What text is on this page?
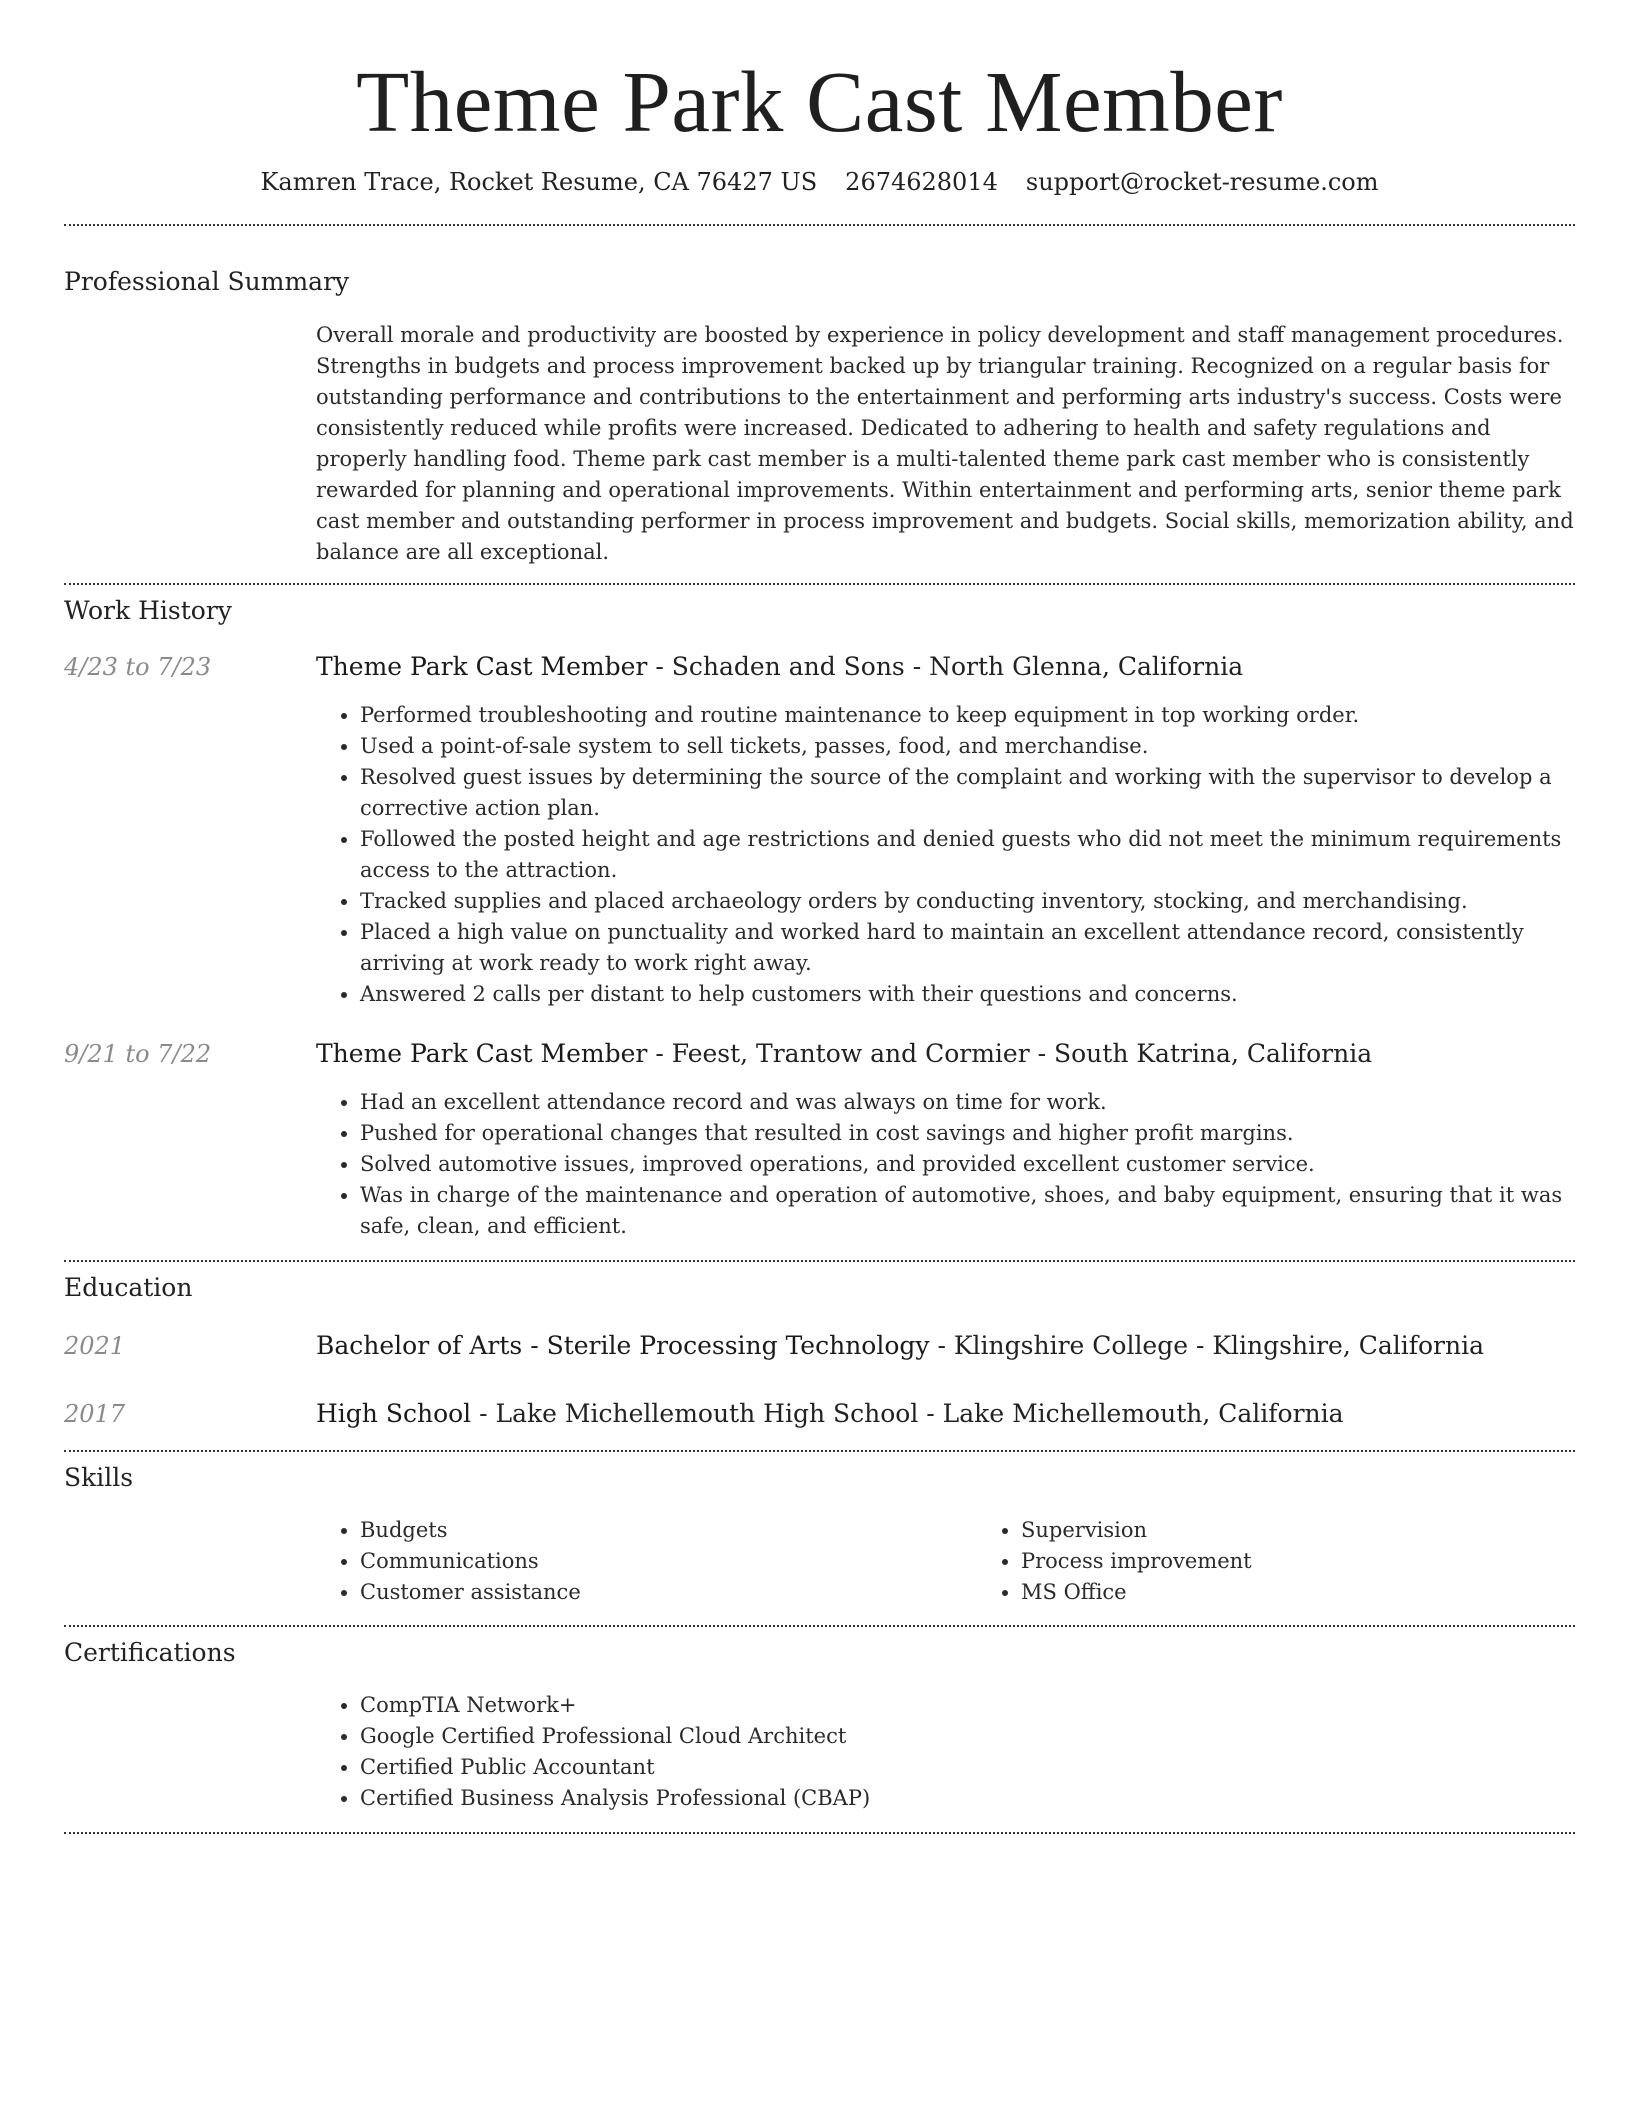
Theme Park Cast Member
Kamren Trace, Rocket Resume, CA 76427 US 2674628014 support@rocket-resume.com
Professional Summary
Overall morale and productivity are boosted by experience in policy development and staff management procedures. Strengths in budgets and process improvement backed up by triangular training. Recognized on a regular basis for outstanding performance and contributions to the entertainment and performing arts industry's success. Costs were consistently reduced while profits were increased. Dedicated to adhering to health and safety regulations and properly handling food. Theme park cast member is a multi-talented theme park cast member who is consistently rewarded for planning and operational improvements. Within entertainment and performing arts, senior theme park cast member and outstanding performer in process improvement and budgets. Social skills, memorization ability, and balance are all exceptional.
Work History
4/23 to 7/23	Theme Park Cast Member - Schaden and Sons - North Glenna, California
• Performed troubleshooting and routine maintenance to keep equipment in top working order.
• Used a point-of-sale system to sell tickets, passes, food, and merchandise.
• Resolved guest issues by determining the source of the complaint and working with the supervisor to develop a corrective action plan.
• Followed the posted height and age restrictions and denied guests who did not meet the minimum requirements access to the attraction.
• Tracked supplies and placed archaeology orders by conducting inventory, stocking, and merchandising.
• Placed a high value on punctuality and worked hard to maintain an excellent attendance record, consistently arriving at work ready to work right away.
• Answered 2 calls per distant to help customers with their questions and concerns.
9/21 to 7/22	Theme Park Cast Member - Feest, Trantow and Cormier - South Katrina, California
• Had an excellent attendance record and was always on time for work.
• Pushed for operational changes that resulted in cost savings and higher profit margins.
• Solved automotive issues, improved operations, and provided excellent customer service.
• Was in charge of the maintenance and operation of automotive, shoes, and baby equipment, ensuring that it was safe, clean, and efficient.
Education
2021	Bachelor of Arts - Sterile Processing Technology - Klingshire College - Klingshire, California
2017	High School - Lake Michellemouth High School - Lake Michellemouth, California
Skills
• Budgets
• Communications
• Customer assistance
• Supervision
• Process improvement
• MS Office
Certifications
• CompTIA Network+
• Google Certified Professional Cloud Architect
• Certified Public Accountant
• Certified Business Analysis Professional (CBAP)
